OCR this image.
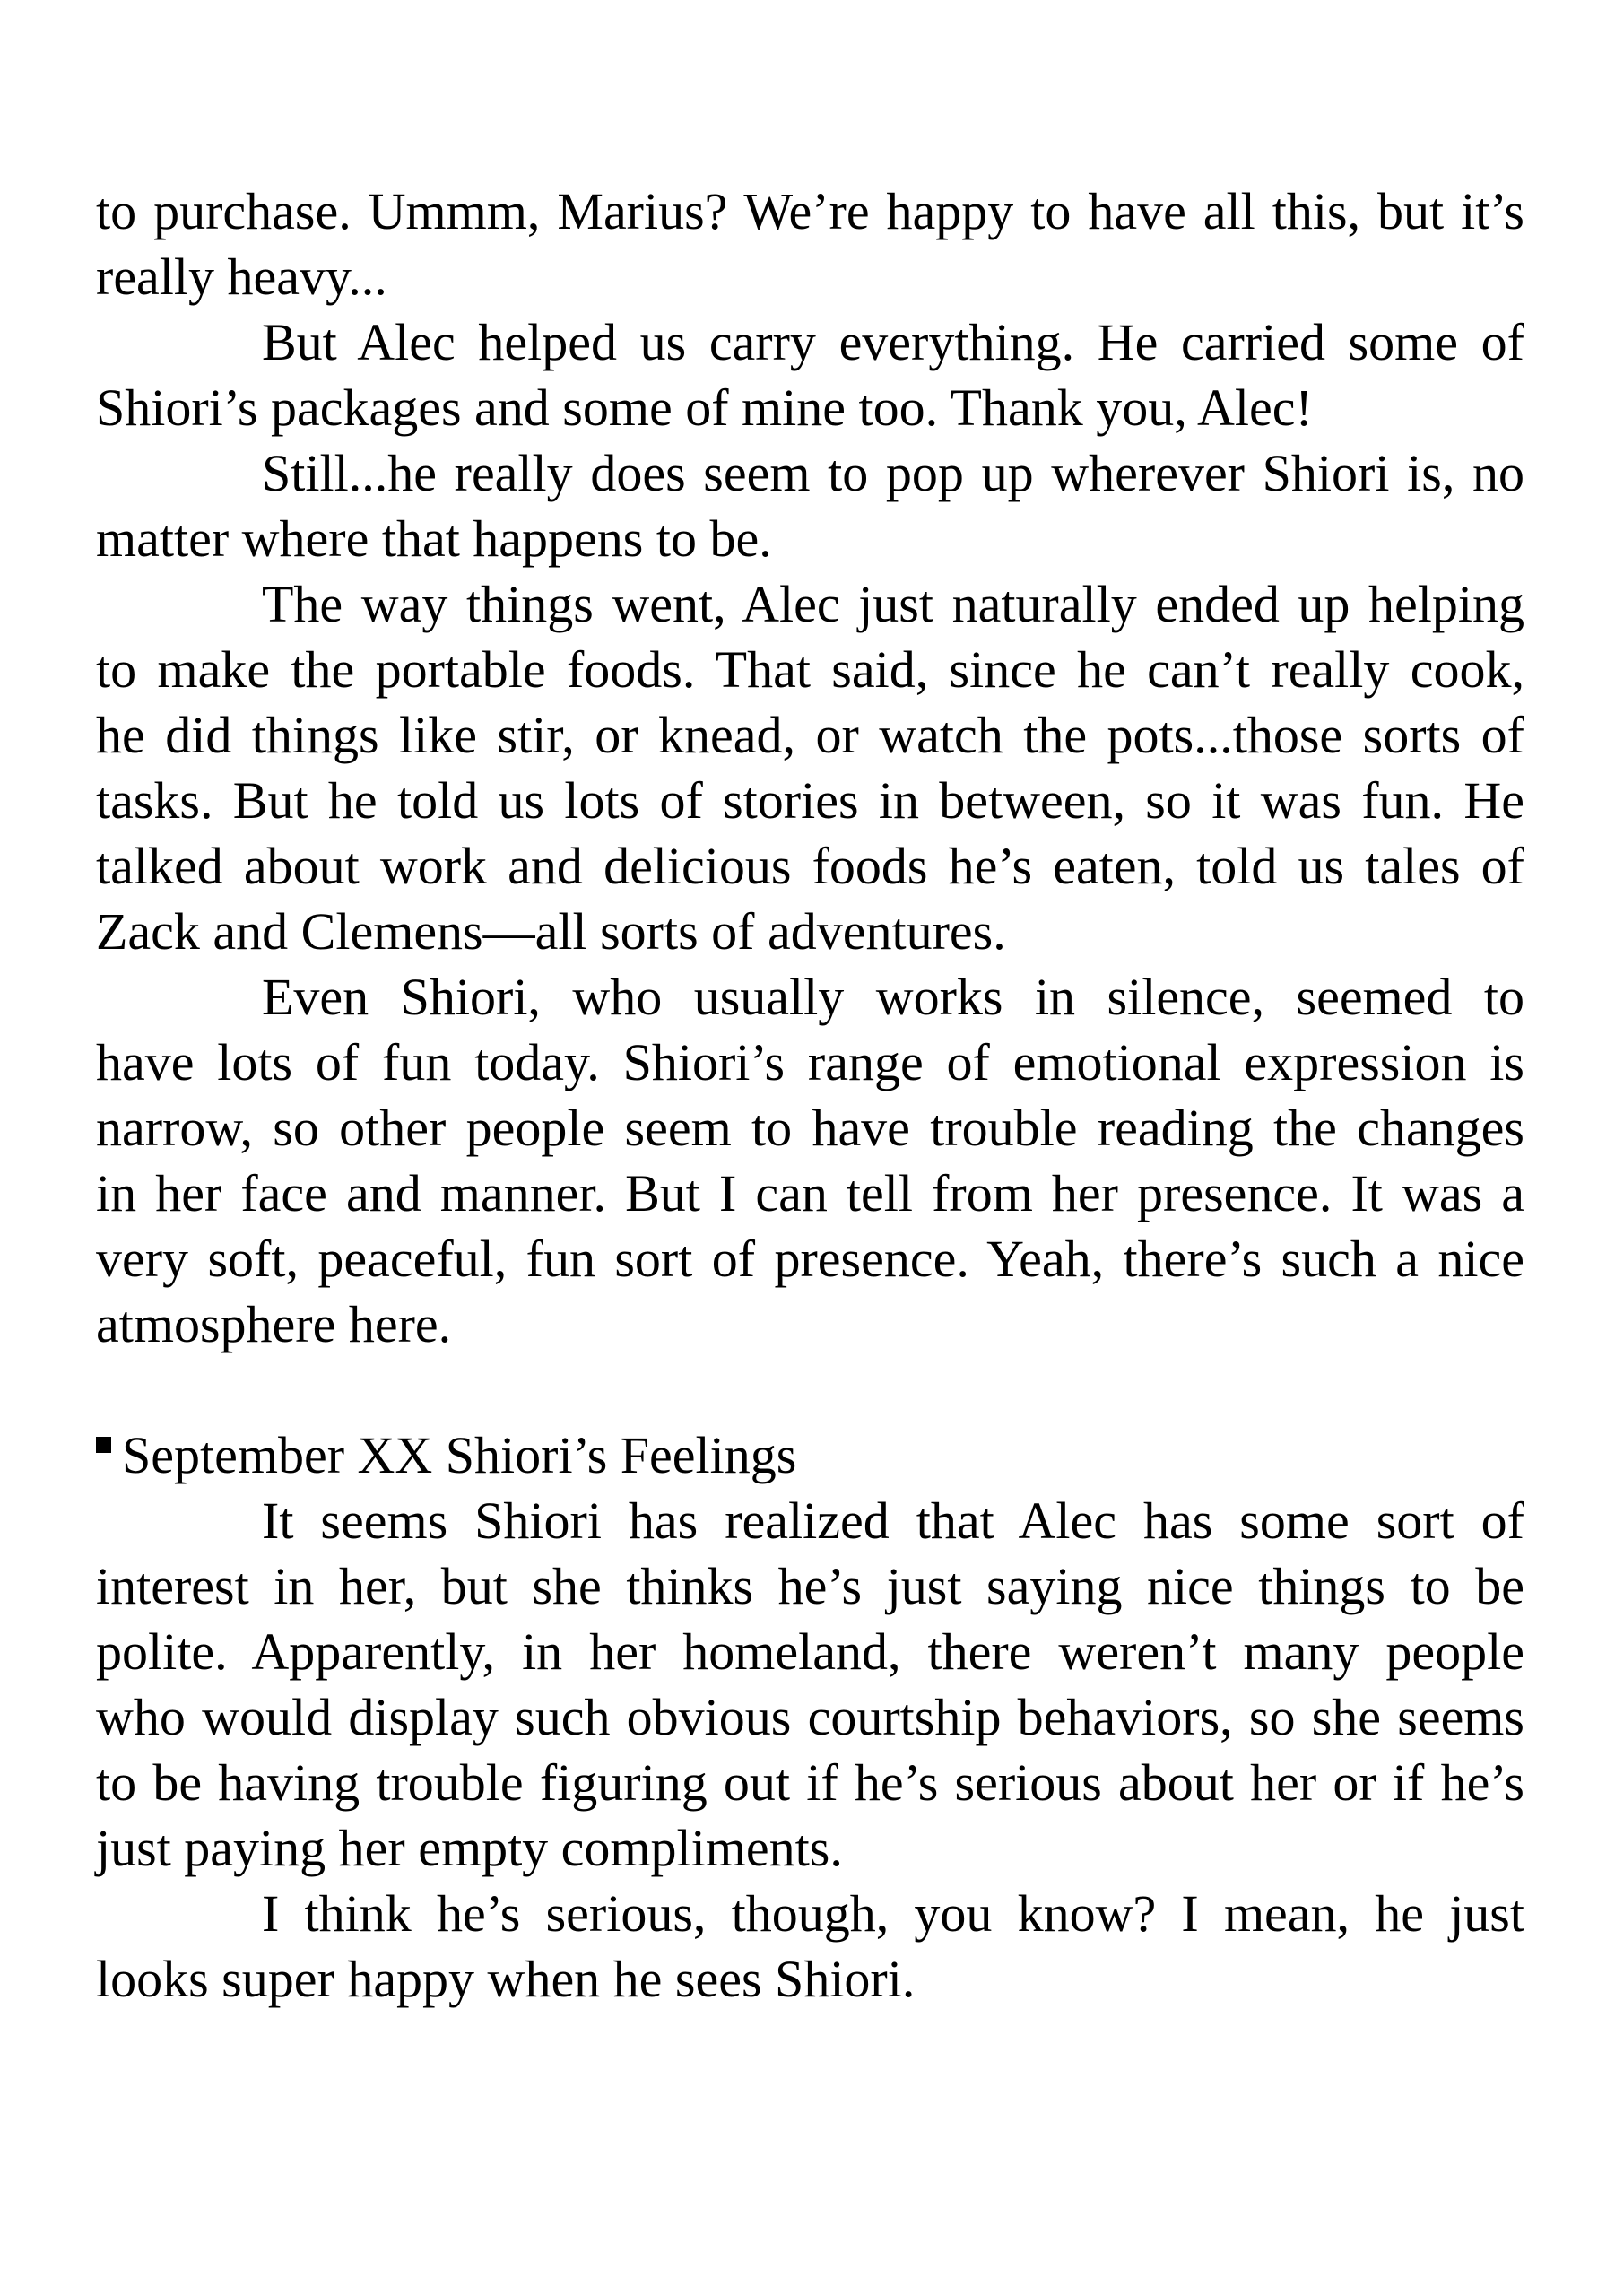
to purchase. Ummm, Marius? We’re happy to have all this, but it’s
really heavy...
But Alec helped us carry everything. He carried some of
Shiori’s packages and some of mine too. Thank you, Alec!
Still...he really does seem to pop up wherever Shiori is, no
matter where that happens to be.
The way things went, Alec just naturally ended up helping
to make the portable foods. That said, since he can’t really cook,
he did things like stir, or knead, or watch the pots...those sorts of
tasks. But he told us lots of stories in between, so it was fun. He
talked about work and delicious foods he’s eaten, told us tales of
Zack and Clemens—all sorts of adventures.
Even Shiori, who usually works in silence, seemed to
have lots of fun today. Shiori’s range of emotional expression is
narrow, so other people seem to have trouble reading the changes
in her face and manner. But I can tell from her presence. It was a
very soft, peaceful, fun sort of presence. Yeah, there’s such a nice
atmosphere here.
September XX Shiori’s Feelings
It seems Shiori has realized that Alec has some sort of
interest in her, but she thinks he’s just saying nice things to be
polite. Apparently, in her homeland, there weren’t many people
who would display such obvious courtship behaviors, so she seems
to be having trouble figuring out if he’s serious about her or if he’s
just paying her empty compliments.
I think he’s serious, though, you know? I mean, he just
looks super happy when he sees Shiori.
